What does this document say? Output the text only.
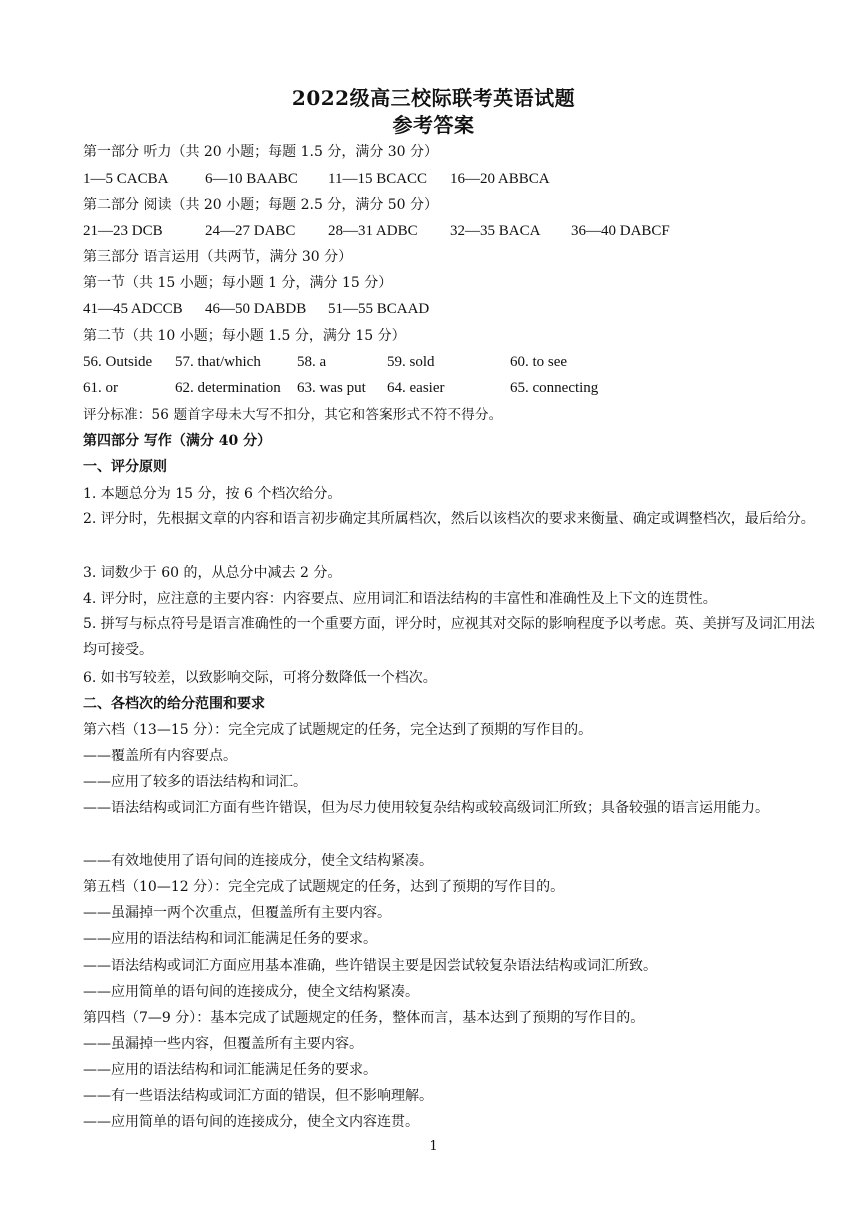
2022级高三校际联考英语试题
参考答案
第一部分 听力（共 20 小题；每题 1.5 分，满分 30 分）
1—5 CACBA 6—10 BAABC 11—15 BCACC 16—20 ABBCA
第二部分 阅读（共 20 小题；每题 2.5 分，满分 50 分）
21—23 DCB	24—27 DABC 28—31 ADBC 32—35 BACA 36—40 DABCF
第三部分 语言运用（共两节，满分 30 分）
第一节（共 15 小题；每小题 1 分，满分 15 分）
41—45 ADCCB 46—50 DABDB 51—55 BCAAD
第二节（共 10 小题；每小题 1.5 分，满分 15 分）
56. Outside 57. that/which 58. a	59. sold	60. to see
61. or	62. determination 63. was put 64. easier	65. connecting
评分标准：56 题首字母未大写不扣分，其它和答案形式不符不得分。
第四部分 写作（满分 40 分）
一、评分原则
1. 本题总分为 15 分，按 6 个档次给分。
2. 评分时，先根据文章的内容和语言初步确定其所属档次，然后以该档次的要求来衡量、确定或调整档次，最后给分。
3. 词数少于 60 的，从总分中减去 2 分。
4. 评分时，应注意的主要内容：内容要点、应用词汇和语法结构的丰富性和准确性及上下文的连贯性。
5. 拼写与标点符号是语言准确性的一个重要方面，评分时，应视其对交际的影响程度予以考虑。英、美拼写及词汇用法均可接受。
6. 如书写较差，以致影响交际，可将分数降低一个档次。
二、各档次的给分范围和要求
第六档（13—15 分）：完全完成了试题规定的任务，完全达到了预期的写作目的。
——覆盖所有内容要点。
——应用了较多的语法结构和词汇。
——语法结构或词汇方面有些许错误，但为尽力使用较复杂结构或较高级词汇所致；具备较强的语言运用能力。
——有效地使用了语句间的连接成分，使全文结构紧凑。
第五档（10—12 分）：完全完成了试题规定的任务，达到了预期的写作目的。
——虽漏掉一两个次重点，但覆盖所有主要内容。
——应用的语法结构和词汇能满足任务的要求。
——语法结构或词汇方面应用基本准确，些许错误主要是因尝试较复杂语法结构或词汇所致。
——应用简单的语句间的连接成分，使全文结构紧凑。
第四档（7—9 分）：基本完成了试题规定的任务，整体而言，基本达到了预期的写作目的。
——虽漏掉一些内容，但覆盖所有主要内容。
——应用的语法结构和词汇能满足任务的要求。
——有一些语法结构或词汇方面的错误，但不影响理解。
——应用简单的语句间的连接成分，使全文内容连贯。
1
